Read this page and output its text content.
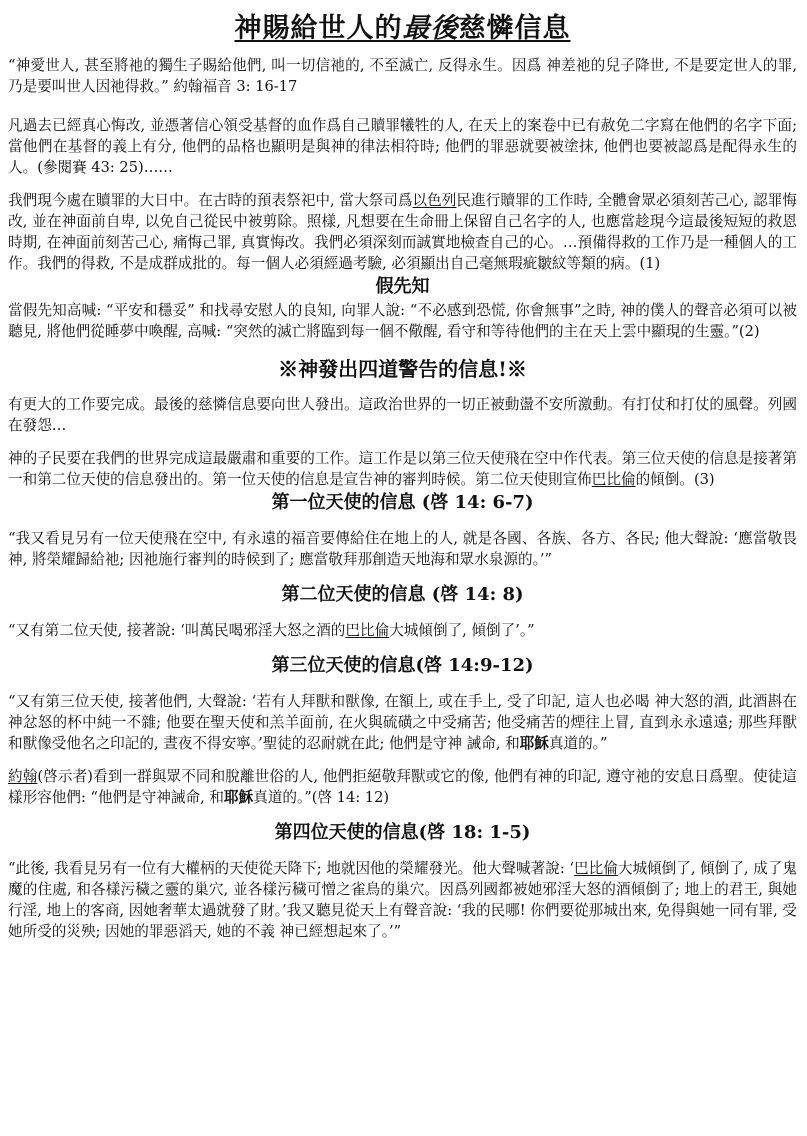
神賜給世人的最後慈憐信息

“神愛世人, 甚至將祂的獨生子賜給他們, 叫一切信祂的, 不至滅亡, 反得永生。因爲 神差祂的兒子降世, 不是要定世人的罪, 乃是要叫世人因祂得救。” 約翰福音 3: 16-17

凡過去已經真心悔改, 並憑著信心領受基督的血作爲自己贖罪犧牲的人, 在天上的案卷中已有赦免二字寫在他們的名字下面; 當他們在基督的義上有分, 他們的品格也顯明是與神的律法相符時; 他們的罪惡就要被塗抹, 他們也要被認爲是配得永生的人。(參閱賽 43: 25)……

我們現今處在贖罪的大日中。在古時的預表祭祀中, 當大祭司爲以色列民進行贖罪的工作時, 全體會眾必須刻苦己心, 認罪悔改, 並在神面前自卑, 以免自己從民中被剪除。照樣, 凡想要在生命冊上保留自己名字的人, 也應當趁現今這最後短短的救恩時期, 在神面前刻苦己心, 痛悔己罪, 真實悔改。我們必須深刻而誠實地檢查自己的心。…預備得救的工作乃是一種個人的工作。我們的得救, 不是成群成批的。每一個人必須經過考驗, 必須顯出自己毫無瑕疵皺紋等類的病。(1)

假先知

當假先知高喊: “平安和穩妥” 和找尋安慰人的良知, 向罪人說: “不必感到恐慌, 你會無事”之時, 神的僕人的聲音必須可以被聽見, 將他們從睡夢中喚醒, 高喊: “突然的滅亡將臨到每一個不儆醒, 看守和等待他們的主在天上雲中顯現的生靈。”(2)

※神發出四道警告的信息!※

有更大的工作要完成。最後的慈憐信息要向世人發出。這政治世界的一切正被動盪不安所激動。有打仗和打仗的風聲。列國在發怨…

神的子民要在我們的世界完成這最嚴肅和重要的工作。這工作是以第三位天使飛在空中作代表。第三位天使的信息是接著第一和第二位天使的信息發出的。第一位天使的信息是宣告神的審判時候。第二位天使則宣佈巴比倫的傾倒。(3)

第一位天使的信息 (啓 14: 6-7)

“我又看見另有一位天使飛在空中, 有永遠的福音要傳給住在地上的人, 就是各國、各族、各方、各民; 他大聲說: ‘應當敬畏神, 將榮耀歸給祂; 因祂施行審判的時候到了; 應當敬拜那創造天地海和眾水泉源的。’”

第二位天使的信息 (啓 14: 8)

“又有第二位天使, 接著說: ‘叫萬民喝邪淫大怒之酒的巴比倫大城傾倒了, 傾倒了’。”

第三位天使的信息(啓 14:9-12)

“又有第三位天使, 接著他們, 大聲說: ‘若有人拜獸和獸像, 在額上, 或在手上, 受了印記, 這人也必喝 神大怒的酒, 此酒斟在神忿怒的杯中純一不雜; 他要在聖天使和羔羊面前, 在火與硫磺之中受痛苦; 他受痛苦的煙往上冒, 直到永永遠遠; 那些拜獸和獸像受他名之印記的, 晝夜不得安寧。’聖徒的忍耐就在此; 他們是守神 誡命, 和耶穌真道的。”

約翰(啓示者)看到一群與眾不同和脫離世俗的人, 他們拒絕敬拜獸或它的像, 他們有神的印記, 遵守祂的安息日爲聖。使徒這樣形容他們: “他們是守神誡命, 和耶穌真道的。”(啓 14: 12)

第四位天使的信息(啓 18: 1-5)

“此後, 我看見另有一位有大權柄的天使從天降下; 地就因他的榮耀發光。他大聲喊著說: ‘巴比倫大城傾倒了, 傾倒了, 成了鬼魔的住處, 和各樣污穢之靈的巢穴, 並各樣污穢可憎之雀鳥的巢穴。因爲列國都被她邪淫大怒的酒傾倒了; 地上的君王, 與她行淫, 地上的客商, 因她奢華太過就發了財。’我又聽見從天上有聲音說: ‘我的民哪! 你們要從那城出來, 免得與她一同有罪, 受她所受的災殃; 因她的罪惡滔天, 她的不義 神已經想起來了。’”
